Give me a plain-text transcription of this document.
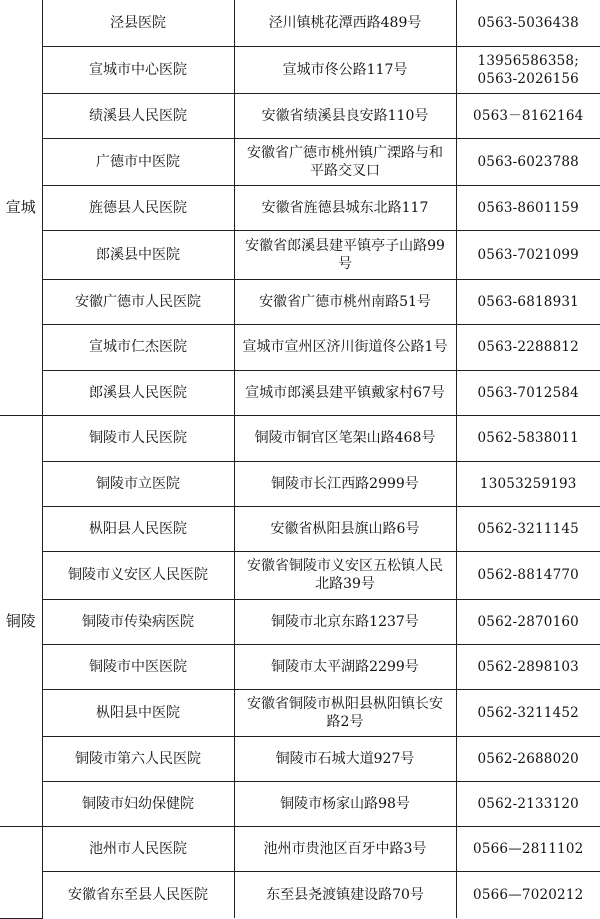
宣城	泾县医院	泾川镇桃花潭西路489号	0563-5036438
	宣城市中心医院	宣城市佟公路117号	13956586358;
0563-2026156
	绩溪县人民医院	安徽省绩溪县良安路110号	0563－8162164
	广德市中医院	安徽省广德市桃州镇广溧路与和平路交叉口	0563-6023788
	旌德县人民医院	安徽省旌德县城东北路117	0563-8601159
	郎溪县中医院	安徽省郎溪县建平镇亭子山路99号	0563-7021099
	安徽广德市人民医院	安徽省广德市桃州南路51号	0563-6818931
	宣城市仁杰医院	宣城市宣州区济川街道佟公路1号	0563-2288812
	郎溪县人民医院	宣城市郎溪县建平镇戴家村67号	0563-7012584
铜陵	铜陵市人民医院	铜陵市铜官区笔架山路468号	0562-5838011
	铜陵市立医院	铜陵市长江西路2999号	13053259193
	枞阳县人民医院	安徽省枞阳县旗山路6号	0562-3211145
	铜陵市义安区人民医院	安徽省铜陵市义安区五松镇人民北路39号	0562-8814770
	铜陵市传染病医院	铜陵市北京东路1237号	0562-2870160
	铜陵市中医医院	铜陵市太平湖路2299号	0562-2898103
	枞阳县中医院	安徽省铜陵市枞阳县枞阳镇长安路2号	0562-3211452
	铜陵市第六人民医院	铜陵市石城大道927号	0562-2688020
	铜陵市妇幼保健院	铜陵市杨家山路98号	0562-2133120
	池州市人民医院	池州市贵池区百牙中路3号	0566—2811102
	安徽省东至县人民医院	东至县尧渡镇建设路70号	0566—7020212
